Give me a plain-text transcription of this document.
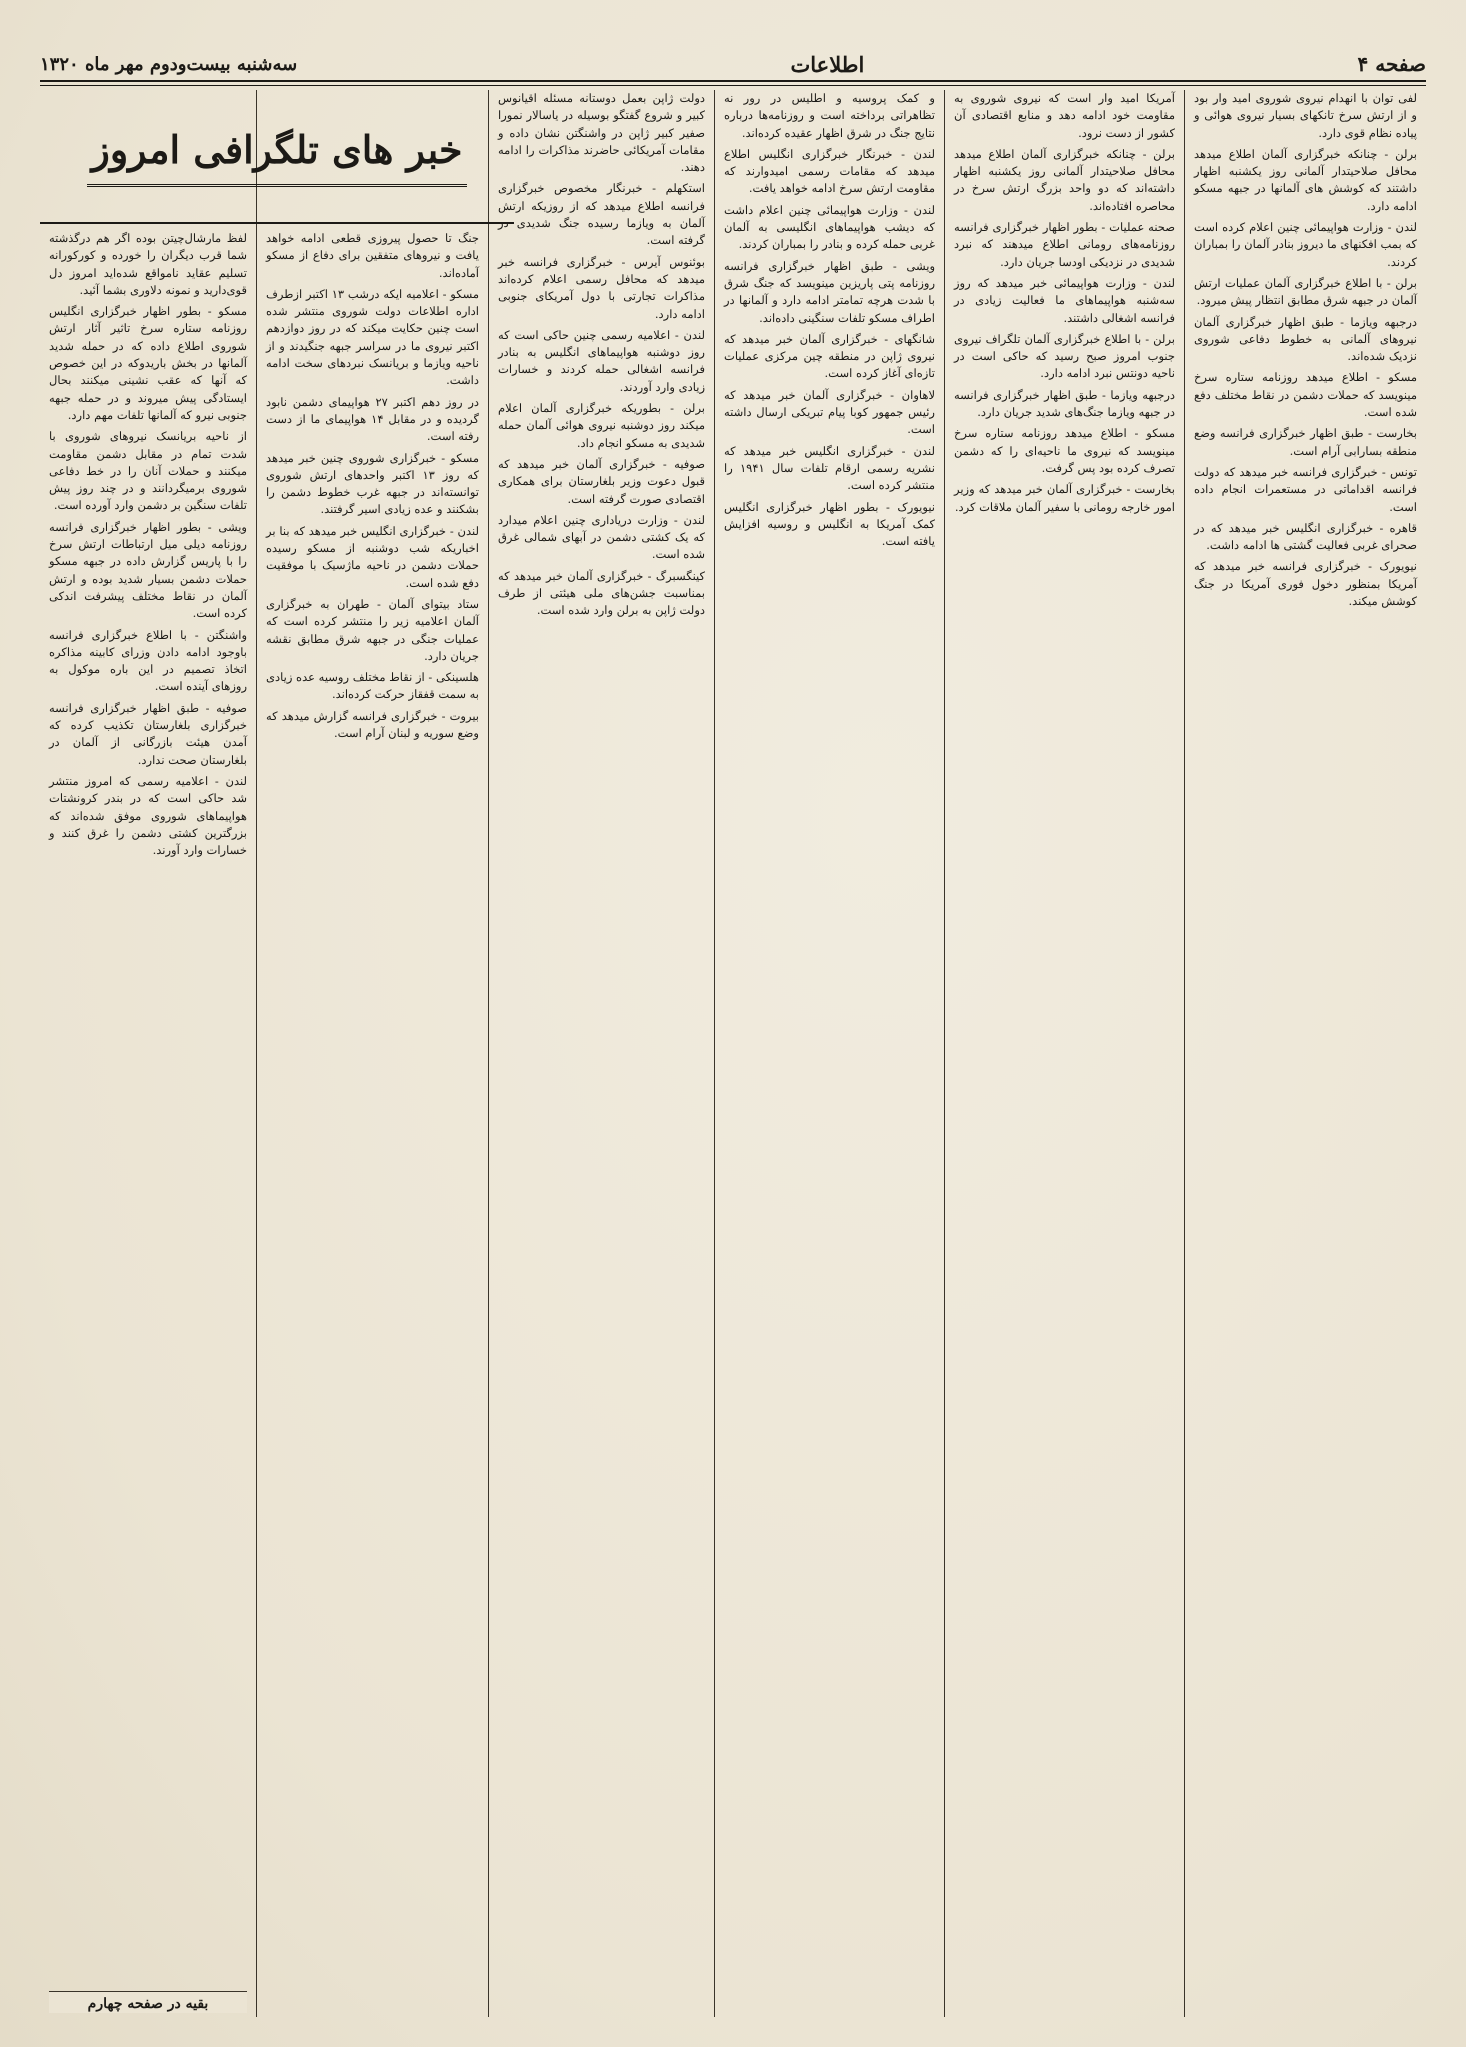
صفحه ۴
اطلاعات
سه‌شنبه بیست‌ودوم مهر ماه ۱۳۲۰

لفی توان با انهدام نیروی شوروی امید وار بود و از ارتش سرخ تانکهای بسیار نیروی هوائی و پیاده نظام قوی دارد.

برلن - چنانکه خبرگزاری آلمان اطلاع میدهد محافل صلاحیتدار آلمانی روز یکشنبه اظهار داشتند که کوشش های آلمانها در جبهه مسکو ادامه دارد.

لندن - وزارت هواپیمائی چنین اعلام کرده است که بمب افکنهای ما دیروز بنادر آلمان را بمباران کردند.

برلن - با اطلاع خبرگزاری آلمان عملیات ارتش آلمان در جبهه شرق مطابق انتظار پیش میرود.

درجبهه ویازما - طبق اظهار خبرگزاری آلمان نیروهای آلمانی به خطوط دفاعی شوروی نزدیک شده‌اند.

مسکو - اطلاع میدهد روزنامه ستاره سرخ مینویسد که حملات دشمن در نقاط مختلف دفع شده است.

بخارست - طبق اظهار خبرگزاری فرانسه وضع منطقه بسارابی آرام است.

تونس - خبرگزاری فرانسه خبر میدهد که دولت فرانسه اقداماتی در مستعمرات انجام داده است.

قاهره - خبرگزاری انگلیس خبر میدهد که در صحرای غربی فعالیت گشتی ها ادامه داشت.

نیویورک - خبرگزاری فرانسه خبر میدهد که آمریکا بمنظور دخول فوری آمریکا در جنگ کوشش میکند.

آمریکا امید وار است که نیروی شوروی به مقاومت خود ادامه دهد و منابع اقتصادی آن کشور از دست نرود.

برلن - چنانکه خبرگزاری آلمان اطلاع میدهد محافل صلاحیتدار آلمانی روز یکشنبه اظهار داشته‌اند که دو واحد بزرگ ارتش سرخ در محاصره افتاده‌اند.

صحنه عملیات - بطور اظهار خبرگزاری فرانسه روزنامه‌های رومانی اطلاع میدهند که نبرد شدیدی در نزدیکی اودسا جریان دارد.

لندن - وزارت هواپیمائی خبر میدهد که روز سه‌شنبه هواپیماهای ما فعالیت زیادی در فرانسه اشغالی داشتند.

برلن - با اطلاع خبرگزاری آلمان تلگراف نیروی جنوب امروز صبح رسید که حاکی است در ناحیه دونتس نبرد ادامه دارد.

درجبهه ویازما - طبق اظهار خبرگزاری فرانسه در جبهه ویازما جنگ‌های شدید جریان دارد.

مسکو - اطلاع میدهد روزنامه ستاره سرخ مینویسد که نیروی ما ناحیه‌ای را که دشمن تصرف کرده بود پس گرفت.

بخارست - خبرگزاری آلمان خبر میدهد که وزیر امور خارجه رومانی با سفیر آلمان ملاقات کرد.

و کمک پروسیه و اطلیس در رور نه تظاهراتی برداخته است و روزنامه‌ها درباره نتایج جنگ در شرق اظهار عقیده کرده‌اند.

لندن - خبرنگار خبرگزاری انگلیس اطلاع میدهد که مقامات رسمی امیدوارند که مقاومت ارتش سرخ ادامه خواهد یافت.

لندن - وزارت هواپیمائی چنین اعلام داشت که دیشب هواپیماهای انگلیسی به آلمان غربی حمله کرده و بنادر را بمباران کردند.

ویشی - طبق اظهار خبرگزاری فرانسه روزنامه پتی پاریزین مینویسد که جنگ شرق با شدت هرچه تمامتر ادامه دارد و آلمانها در اطراف مسکو تلفات سنگینی داده‌اند.

شانگهای - خبرگزاری آلمان خبر میدهد که نیروی ژاپن در منطقه چین مرکزی عملیات تازه‌ای آغاز کرده است.

لاهاوان - خبرگزاری آلمان خبر میدهد که رئیس جمهور کوبا پیام تبریکی ارسال داشته است.

لندن - خبرگزاری انگلیس خبر میدهد که نشریه رسمی ارقام تلفات سال ۱۹۴۱ را منتشر کرده است.

نیویورک - بطور اظهار خبرگزاری انگلیس کمک آمریکا به انگلیس و روسیه افزایش یافته است.

دولت ژاپن بعمل دوستانه مسئله اقیانوس کبیر و شروع گفتگو بوسیله در یاسالار نمورا صفیر کبیر ژاپن در واشنگتن نشان داده و مقامات آمریکائی حاضرند مذاکرات را ادامه دهند.

استکهلم - خبرنگار مخصوص خبرگزاری فرانسه اطلاع میدهد که از روزیکه ارتش آلمان به ویازما رسیده جنگ شدیدی در گرفته است.

بوئنوس آیرس - خبرگزاری فرانسه خبر میدهد که محافل رسمی اعلام کرده‌اند مذاکرات تجارتی با دول آمریکای جنوبی ادامه دارد.

لندن - اعلامیه رسمی چنین حاکی است که روز دوشنبه هواپیماهای انگلیس به بنادر فرانسه اشغالی حمله کردند و خسارات زیادی وارد آوردند.

برلن - بطوریکه خبرگزاری آلمان اعلام میکند روز دوشنبه نیروی هوائی آلمان حمله شدیدی به مسکو انجام داد.

صوفیه - خبرگزاری آلمان خبر میدهد که قبول دعوت وزیر بلغارستان برای همکاری اقتصادی صورت گرفته است.

لندن - وزارت دریاداری چنین اعلام میدارد که یک کشتی دشمن در آبهای شمالی غرق شده است.

کینگسبرگ - خبرگزاری آلمان خبر میدهد که بمناسبت جشن‌های ملی هیئتی از طرف دولت ژاپن به برلن وارد شده است.

جنگ تا حصول پیروزی قطعی ادامه خواهد یافت و نیروهای متفقین برای دفاع از مسکو آماده‌اند.

مسکو - اعلامیه ایکه درشب ۱۳ اکتبر ازطرف اداره اطلاعات دولت شوروی منتشر شده است چنین حکایت میکند که در روز دوازدهم اکتبر نیروی ما در سراسر جبهه جنگیدند و از ناحیه ویازما و بریانسک نبردهای سخت ادامه داشت.

در روز دهم اکتبر ۲۷ هواپیمای دشمن نابود گردیده و در مقابل ۱۴ هواپیمای ما از دست رفته است.

مسکو - خبرگزاری شوروی چنین خبر میدهد که روز ۱۳ اکتبر واحدهای ارتش شوروی توانسته‌اند در جبهه غرب خطوط دشمن را بشکنند و عده زیادی اسیر گرفتند.

لندن - خبرگزاری انگلیس خبر میدهد که بنا بر اخباریکه شب دوشنبه از مسکو رسیده حملات دشمن در ناحیه ماژسیک با موفقیت دفع شده است.

ستاد بیتوای آلمان - طهران به خبرگزاری آلمان اعلامیه زیر را منتشر کرده است که عملیات جنگی در جبهه شرق مطابق نقشه جریان دارد.

هلسینکی - از نقاط مختلف روسیه عده زیادی به سمت قفقاز حرکت کرده‌اند.

بیروت - خبرگزاری فرانسه گزارش میدهد که وضع سوریه و لبنان آرام است.

لفظ مارشال‌چیتن بوده اگر هم درگذشته شما قرب دیگران را خورده و کورکورانه تسلیم عقاید نامواقع شده‌اید امروز دل قوی‌دارید و نمونه دلاوری بشما آئید.

مسکو - بطور اظهار خبرگزاری انگلیس روزنامه ستاره سرخ تاثیر آثار ارتش شوروی اطلاع داده که در حمله شدید آلمانها در بخش باریدوکه در این خصوص که آنها که عقب نشینی میکنند بحال ایستادگی پیش میروند و در حمله جبهه جنوبی نیرو که آلمانها تلفات مهم دارد.

از ناحیه بریانسک نیروهای شوروی با شدت تمام در مقابل دشمن مقاومت میکنند و حملات آنان را در خط دفاعی شوروی برمیگردانند و در چند روز پیش تلفات سنگین بر دشمن وارد آورده است.

ویشی - بطور اظهار خبرگزاری فرانسه روزنامه دیلی میل ارتباطات ارتش سرخ را با پاریس گزارش داده در جبهه مسکو حملات دشمن بسیار شدید بوده و ارتش آلمان در نقاط مختلف پیشرفت اندکی کرده است.

واشنگتن - با اطلاع خبرگزاری فرانسه باوجود ادامه دادن وزرای کابینه مذاکره اتخاذ تصمیم در این باره موکول به روزهای آینده است.

صوفیه - طبق اظهار خبرگزاری فرانسه خبرگزاری بلغارستان تکذیب کرده که آمدن هیئت بازرگانی از آلمان در بلغارستان صحت ندارد.

لندن - اعلامیه رسمی که امروز منتشر شد حاکی است که در بندر کرونشتات هواپیماهای شوروی موفق شده‌اند که بزرگترین کشتی دشمن را غرق کنند و خسارات وارد آورند.

بقیه در صفحه چهارم
خبر های تلگرافی امروز
